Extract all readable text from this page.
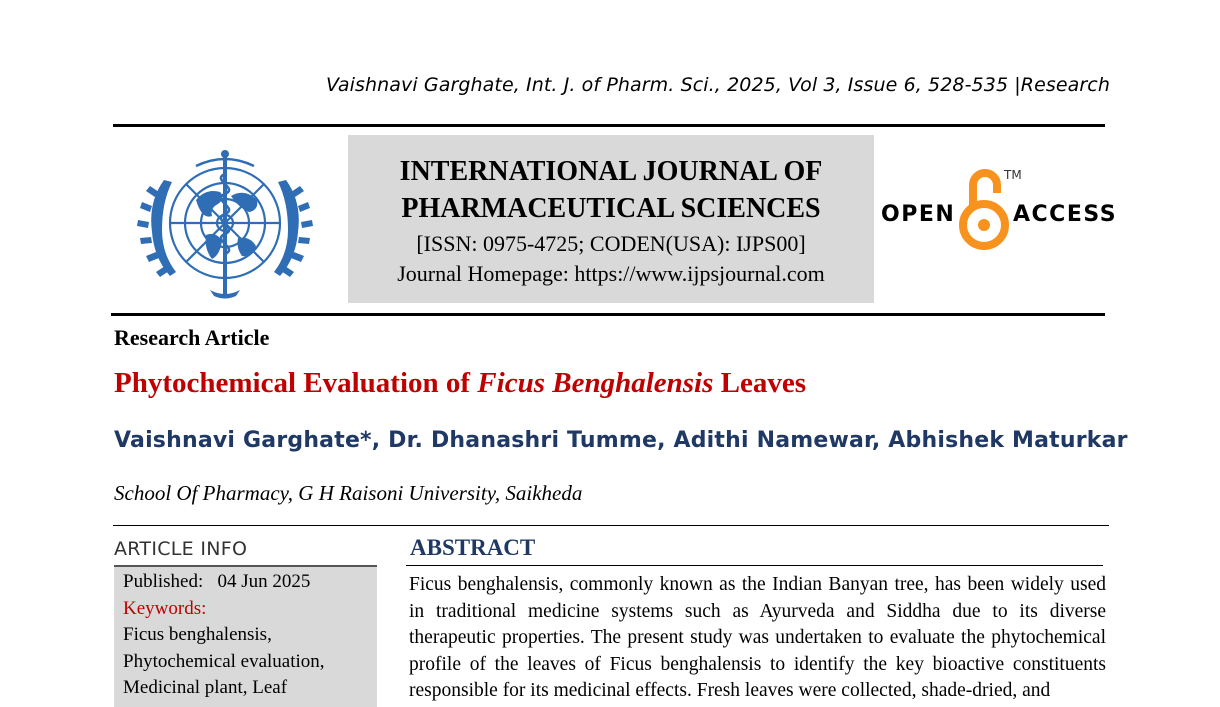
Vaishnavi Garghate, Int. J. of Pharm. Sci., 2025, Vol 3, Issue 6, 528-535 |Research
INTERNATIONAL JOURNAL OF
PHARMACEUTICAL SCIENCES
[ISSN: 0975-4725; CODEN(USA): IJPS00]
Journal Homepage: https://www.ijpsjournal.com
OPEN
TM
ACCESS
Research Article
Phytochemical Evaluation of Ficus Benghalensis Leaves
Vaishnavi Garghate*, Dr. Dhanashri Tumme, Adithi Namewar, Abhishek Maturkar
School Of Pharmacy, G H Raisoni University, Saikheda
ARTICLE INFO
Published: 04 Jun 2025
Keywords:
Ficus benghalensis,
Phytochemical evaluation,
Medicinal plant, Leaf
ABSTRACT

Ficus benghalensis, commonly known as the Indian Banyan tree, has been widely used in traditional medicine systems such as Ayurveda and Siddha due to its diverse therapeutic properties. The present study was undertaken to evaluate the phytochemical profile of the leaves of Ficus benghalensis to identify the key bioactive constituents responsible for its medicinal effects. Fresh leaves were collected, shade-dried, and
